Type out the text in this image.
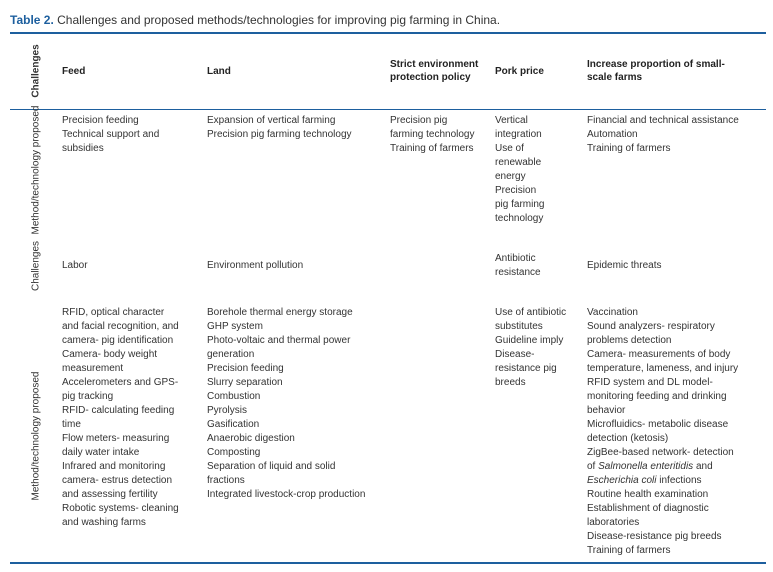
Table 2. Challenges and proposed methods/technologies for improving pig farming in China.
Challenges
Method/technology proposed
Challenges
Method/technology proposed
Feed	Land
Strict environment
protection policy
Pork price
Increase proportion of small-
scale farms
Precision feeding
Technical support and
subsidies
Expansion of vertical farming
Precision pig farming technology
Precision pig
farming technology
Training of farmers
Vertical
integration
Use of
renewable
energy
Precision
pig farming
technology
Financial and technical assistance
Automation
Training of farmers
Labor	Environment pollution
Antibiotic
resistance
Epidemic threats
RFID, optical character
and facial recognition, and
camera- pig identification
Camera- body weight
measurement
Accelerometers and GPS-
pig tracking
RFID- calculating feeding
time
Flow meters- measuring
daily water intake
Infrared and monitoring
camera- estrus detection
and assessing fertility
Robotic systems- cleaning
and washing farms
Borehole thermal energy storage
GHP system
Photo-voltaic and thermal power
generation
Precision feeding
Slurry separation
Combustion
Pyrolysis
Gasification
Anaerobic digestion
Composting
Separation of liquid and solid
fractions
Integrated livestock-crop production
Use of antibiotic
substitutes
Guideline imply
Disease-
resistance pig
breeds
Vaccination
Sound analyzers- respiratory
problems detection
Camera- measurements of body
temperature, lameness, and injury
RFID system and DL model-
monitoring feeding and drinking
behavior
Microfluidics- metabolic disease
detection (ketosis)
ZigBee-based network- detection
of Salmonella enteritidis and
Escherichia coli infections
Routine health examination
Establishment of diagnostic
laboratories
Disease-resistance pig breeds
Training of farmers
